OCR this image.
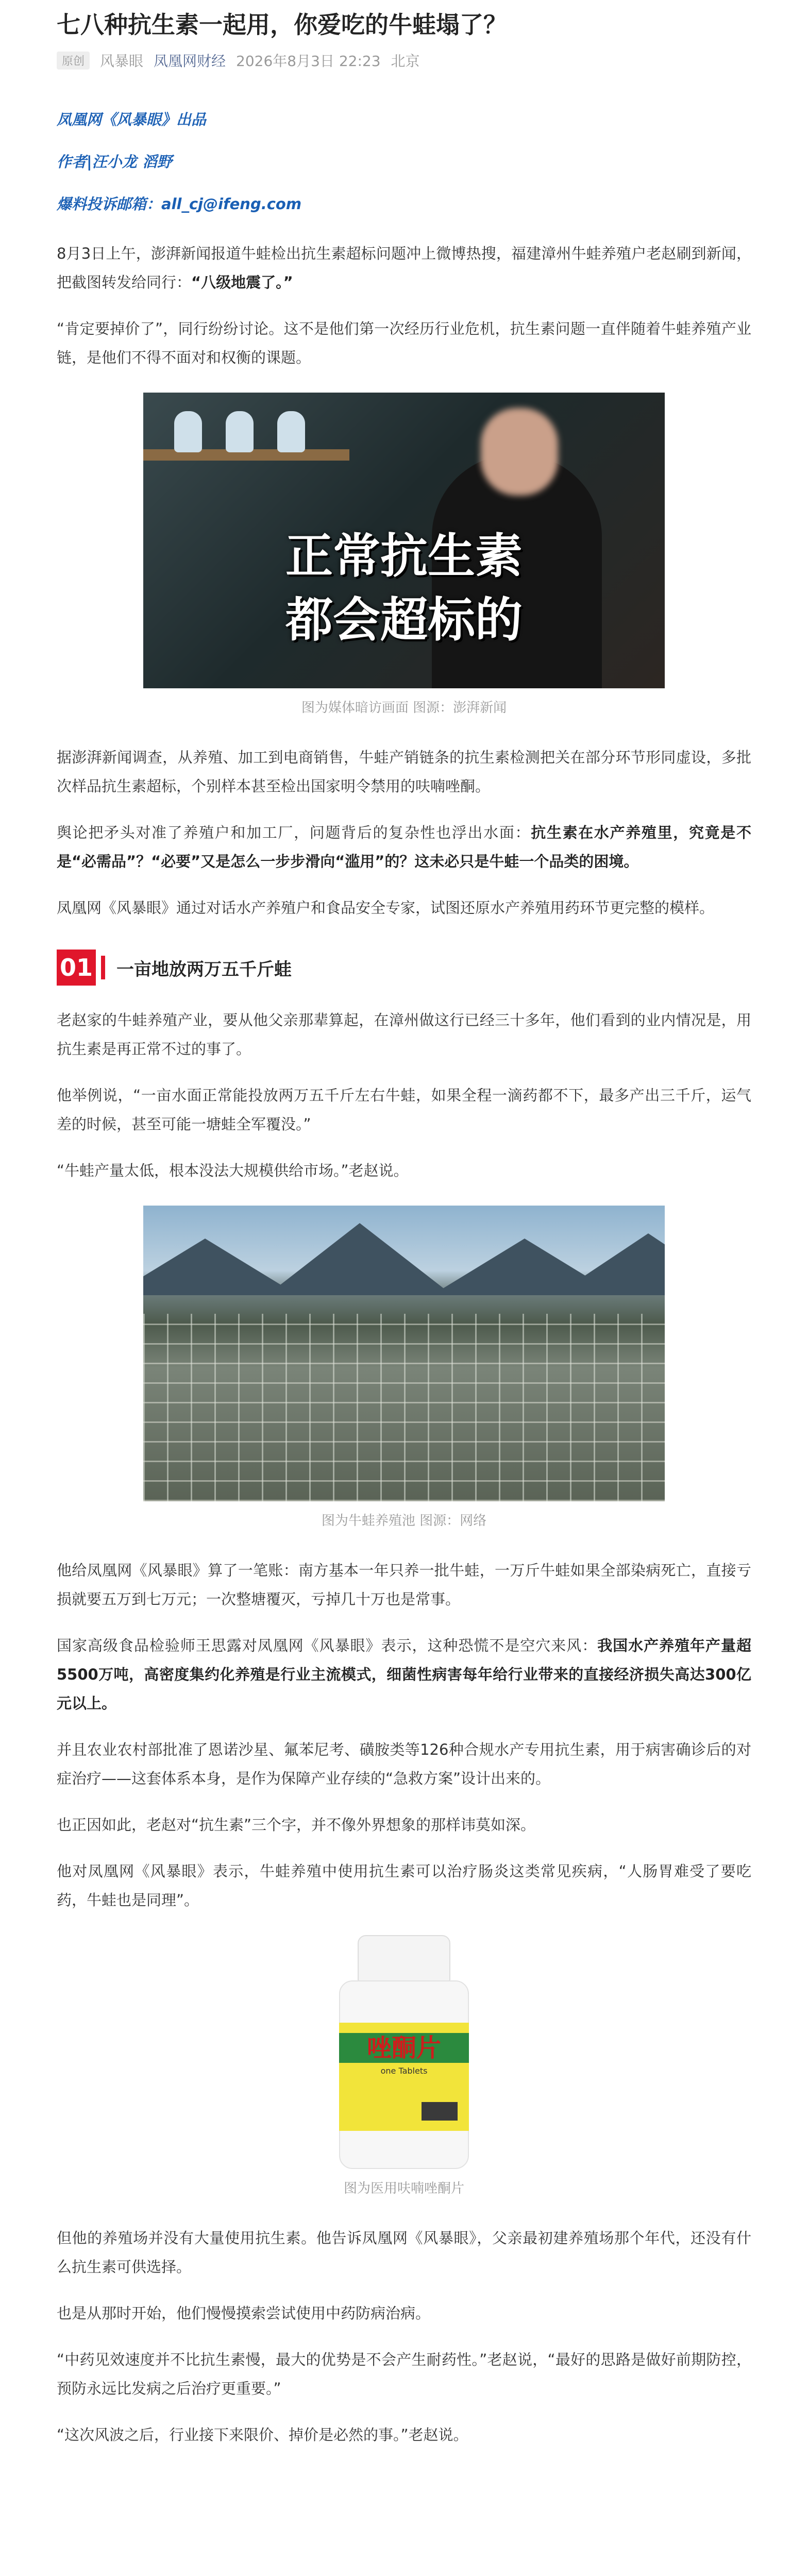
七八种抗生素一起用，你爱吃的牛蛙塌了？
原创	风暴眼 凤凰网财经 2026年8月3日 22:23 北京

凤凰网《风暴眼》出品

作者|汪小龙 滔野

爆料投诉邮箱：all_cj@ifeng.com

8月3日上午，澎湃新闻报道牛蛙检出抗生素超标问题冲上微博热搜，福建漳州牛蛙养殖户老赵刷到新闻，把截图转发给同行：“八级地震了。”

“肯定要掉价了”，同行纷纷讨论。这不是他们第一次经历行业危机，抗生素问题一直伴随着牛蛙养殖产业链，是他们不得不面对和权衡的课题。

正常抗生素
都会超标的

图为媒体暗访画面 图源：澎湃新闻

据澎湃新闻调查，从养殖、加工到电商销售，牛蛙产销链条的抗生素检测把关在部分环节形同虚设，多批次样品抗生素超标，个别样本甚至检出国家明令禁用的呋喃唑酮。

舆论把矛头对准了养殖户和加工厂，问题背后的复杂性也浮出水面：抗生素在水产养殖里，究竟是不是“必需品”？“必要”又是怎么一步步滑向“滥用”的？这未必只是牛蛙一个品类的困境。

凤凰网《风暴眼》通过对话水产养殖户和食品安全专家，试图还原水产养殖用药环节更完整的模样。

01 一亩地放两万五千斤蛙

老赵家的牛蛙养殖产业，要从他父亲那辈算起，在漳州做这行已经三十多年，他们看到的业内情况是，用抗生素是再正常不过的事了。

他举例说，“一亩水面正常能投放两万五千斤左右牛蛙，如果全程一滴药都不下，最多产出三千斤，运气差的时候，甚至可能一塘蛙全军覆没。”

“牛蛙产量太低，根本没法大规模供给市场。”老赵说。

图为牛蛙养殖池 图源：网络

他给凤凰网《风暴眼》算了一笔账：南方基本一年只养一批牛蛙，一万斤牛蛙如果全部染病死亡，直接亏损就要五万到七万元；一次整塘覆灭，亏掉几十万也是常事。

国家高级食品检验师王思露对凤凰网《风暴眼》表示，这种恐慌不是空穴来风：我国水产养殖年产量超5500万吨，高密度集约化养殖是行业主流模式，细菌性病害每年给行业带来的直接经济损失高达300亿元以上。

并且农业农村部批准了恩诺沙星、氟苯尼考、磺胺类等126种合规水产专用抗生素，用于病害确诊后的对症治疗——这套体系本身，是作为保障产业存续的“急救方案”设计出来的。

也正因如此，老赵对“抗生素”三个字，并不像外界想象的那样讳莫如深。

他对凤凰网《风暴眼》表示，牛蛙养殖中使用抗生素可以治疗肠炎这类常见疾病，“人肠胃难受了要吃药，牛蛙也是同理”。

唑酮片
one Tablets

图为医用呋喃唑酮片

但他的养殖场并没有大量使用抗生素。他告诉凤凰网《风暴眼》，父亲最初建养殖场那个年代，还没有什么抗生素可供选择。

也是从那时开始，他们慢慢摸索尝试使用中药防病治病。

“中药见效速度并不比抗生素慢，最大的优势是不会产生耐药性。”老赵说，“最好的思路是做好前期防控，预防永远比发病之后治疗更重要。”

“这次风波之后，行业接下来限价、掉价是必然的事。”老赵说。
